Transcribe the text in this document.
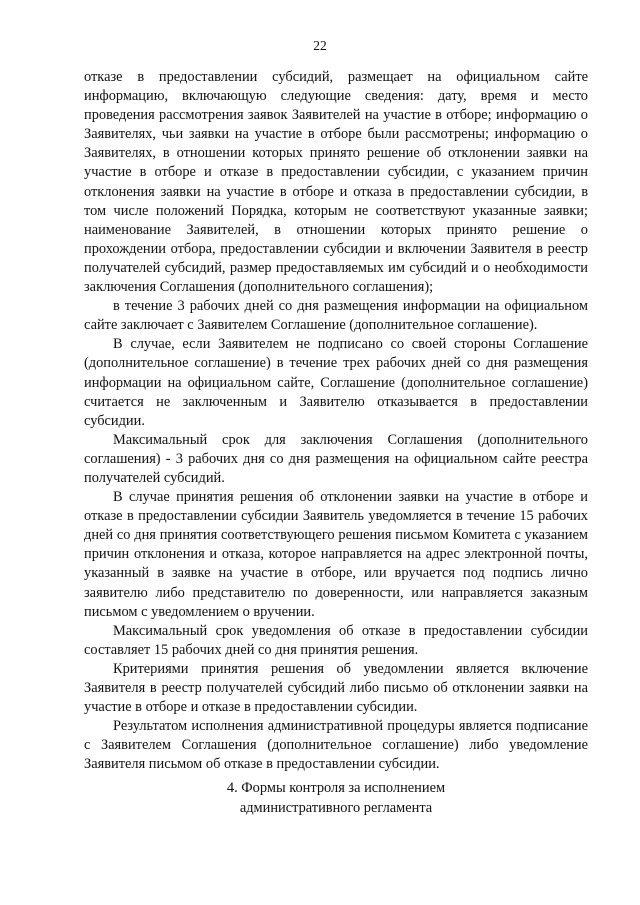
22

отказе в предоставлении субсидий, размещает на официальном сайте информацию, включающую следующие сведения: дату, время и место проведения рассмотрения заявок Заявителей на участие в отборе; информацию о Заявителях, чьи заявки на участие в отборе были рассмотрены; информацию о Заявителях, в отношении которых принято решение об отклонении заявки на участие в отборе и отказе в предоставлении субсидии, с указанием причин отклонения заявки на участие в отборе и отказа в предоставлении субсидии, в том числе положений Порядка, которым не соответствуют указанные заявки; наименование Заявителей, в отношении которых принято решение о прохождении отбора, предоставлении субсидии и включении Заявителя в реестр получателей субсидий, размер предоставляемых им субсидий и о необходимости заключения Соглашения (дополнительного соглашения);

в течение 3 рабочих дней со дня размещения информации на официальном сайте заключает с Заявителем Соглашение (дополнительное соглашение).

В случае, если Заявителем не подписано со своей стороны Соглашение (дополнительное соглашение) в течение трех рабочих дней со дня размещения информации на официальном сайте, Соглашение (дополнительное соглашение) считается не заключенным и Заявителю отказывается в предоставлении субсидии.

Максимальный срок для заключения Соглашения (дополнительного соглашения) - 3 рабочих дня со дня размещения на официальном сайте реестра получателей субсидий.

В случае принятия решения об отклонении заявки на участие в отборе и отказе в предоставлении субсидии Заявитель уведомляется в течение 15 рабочих дней со дня принятия соответствующего решения письмом Комитета с указанием причин отклонения и отказа, которое направляется на адрес электронной почты, указанный в заявке на участие в отборе, или вручается под подпись лично заявителю либо представителю по доверенности, или направляется заказным письмом с уведомлением о вручении.

Максимальный срок уведомления об отказе в предоставлении субсидии составляет 15 рабочих дней со дня принятия решения.

Критериями принятия решения об уведомлении является включение Заявителя в реестр получателей субсидий либо письмо об отклонении заявки на участие в отборе и отказе в предоставлении субсидии.

Результатом исполнения административной процедуры является подписание с Заявителем Соглашения (дополнительное соглашение) либо уведомление Заявителя письмом об отказе в предоставлении субсидии.

4. Формы контроля за исполнением
административного регламента
